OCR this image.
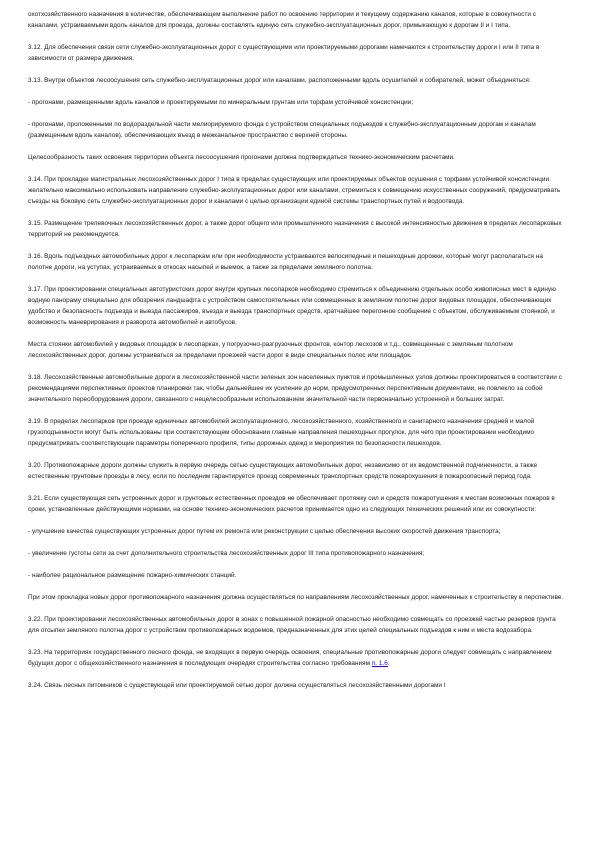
охотхозяйственного назначения в количестве, обеспечивающем выполнение работ по освоению территории и текущему содержанию каналов, которые в совокупности с каналами, устраиваемыми вдоль каналов для проезда, должны составлять единую сеть служебно-эксплуатационных дорог, примыкающую к дорогам II и I типа.

3.12. Для обеспечения связи сети служебно-эксплуатационных дорог с существующими или проектируемыми дорогами намечаются к строительству дороги I или II типа в зависимости от размера движения.

3.13. Внутри объектов лесоосушения сеть служебно-эксплуатационных дорог или каналами, расположенными вдоль осушителей и собирателей, может объединяться:

- прогонами, размещенными вдоль каналов и проектируемыми по минеральным грунтам или торфам устойчивой консистенции;

- прогонами, проложенными по водораздельной части мелиорируемого фонда с устройством специальных подъездов к служебно-эксплуатационным дорогам и каналам (размещенным вдоль каналов), обеспечивающих въезд в межканальное пространство с верхней стороны.

Целесообразность таких освоения территории объекта лесоосушения прогонами должна подтверждаться технико-экономическим расчетами.

3.14. При прокладке магистральных лесохозяйственных дорог I типа в пределах существующих или проектируемых объектов осушения с торфами устойчивой консистенции желательно максимально использовать направление служебно-эксплуатационных дорог или каналами, стремиться к совмещению искусственных сооружений, предусматривать съезды на боковую сеть служебно-эксплуатационных дорог и каналами с целью организации единой системы транспортных путей и водоотвода.

3.15. Размещение трелевочных лесохозяйственных дорог, а также дорог общего или промышленного назначения с высокой интенсивностью движения в пределах лесопарковых территорий не рекомендуется.

3.16. Вдоль подъездных автомобильных дорог к лесопаркам или при необходимости устраиваются велосипедные и пешеходные дорожки, которые могут располагаться на полотне дороги, на уступах, устраиваемых в откосах насыпей и выемок, а также за пределами земляного полотна.

3.17. При проектировании специальных автотуристских дорог внутри крупных лесопарков необходимо стремиться к объединению отдельных особо живописных мест в единую водную панораму специально для обозрения ландшафта с устройством самостоятельных или совмещенных в земляном полотне дорог видовых площадок, обеспечивающих удобство и безопасность подъезда и выезда пассажиров, въезда и выезда транспортных средств, кратчайшее перегонное сообщение с объектом, обслуживаемым стоянкой, и возможность маневрирования и разворота автомобилей и автобусов.

Места стоянки автомобилей у видовых площадок в лесопарках, у погрузочно-разгрузочных фронтов, контор лесхозов и т.д., совмещенные с земляным полотном лесохозяйственных дорог, должны устраиваться за пределами проезжей части дорог в виде специальных полос или площадок.

3.18. Лесохозяйственные автомобильные дороги в лесохозяйственной части зеленых зон населенных пунктов и промышленных узлов должны проектироваться в соответствии с рекомендациями перспективных проектов планировки так, чтобы дальнейшее их усиление до норм, предусмотренных перспективным документами, не повлекло за собой значительного переоборудования дороги, связанного с нецелесообразным использованием значительной части первоначально устроенной и больших затрат.

3.19. В пределах лесопарков при проезде единичных автомобилей эксплуатационного, лесохозяйственного, хозяйственного и санитарного назначения средней и малой грузоподъемности могут быть использованы при соответствующем обосновании главные направления пешеходных прогулок, для чего при проектировании необходимо предусматривать соответствующие параметры поперечного профиля, типы дорожных одежд и мероприятия по безопасности пешеходов.

3.20. Противопожарные дороги должны служить в первую очередь сетью существующих автомобильных дорог, независимо от их ведомственной подчиненности, а также естественные грунтовые проезды в лесу, если по последним гарантируется проезд современных транспортных средств пожарохушения в пожароопасный период года.

3.21. Если существующая сеть устроенных дорог и грунтовых естественных проездов не обеспечивает протяжку сил и средств пожаротушения к местам возможных пожаров в сроки, установленные действующими нормами, на основе технико-экономических расчетов принимается одно из следующих технических решений или их совокупности:

- улучшение качества существующих устроенных дорог путем их ремонта или реконструкции с целью обеспечения высоких скоростей движения транспорта;

- увеличение густоты сети за счет дополнительного строительства лесохозяйственных дорог III типа противопожарного назначения;

- наиболее рациональное размещение пожарно-химических станций.

При этом прокладка новых дорог противопожарного назначения должна осуществляться по направлениям лесохозяйственных дорог, намеченных к строительству в перспективе.

3.22. При проектировании лесохозяйственных автомобильных дорог в зонах с повышенной пожарной опасностью необходимо совмещать со проезжей частью резервов грунта для отсыпки земляного полотна дорог с устройством противопожарных водоемов, предназначенных для этих целей специальных подъездов к ним и места водозабора.

3.23. На территориях государственного лесного фонда, не входящих в первую очередь освоения, специальные противопожарные дороги следует совмещать с направлением будущих дорог с общехозяйственного назначения в последующих очередях строительства согласно требованиям п. 1.6.

3.24. Связь лесных питомников с существующей или проектируемой сетью дорог должна осуществляться лесохозяйственными дорогами I
